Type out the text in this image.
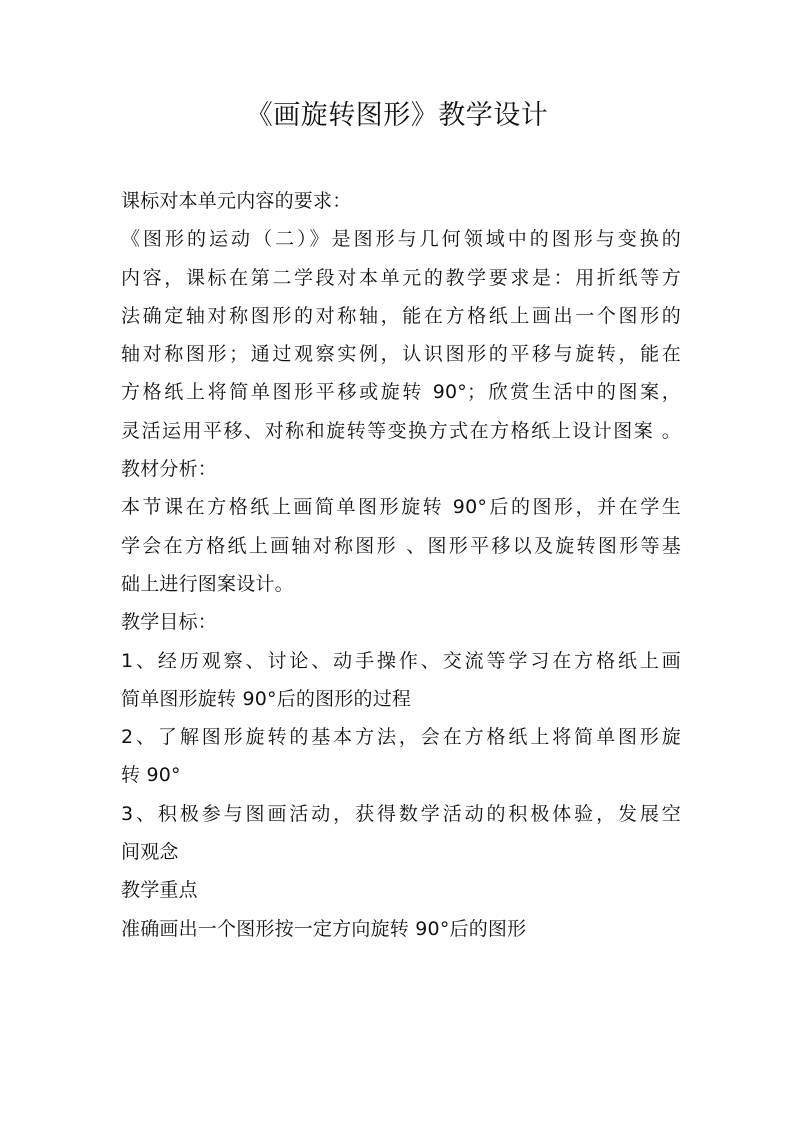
《画旋转图形》教学设计
课标对本单元内容的要求：
《图形的运动（二）》是图形与几何领域中的图形与变换的
内容，课标在第二学段对本单元的教学要求是：用折纸等方
法确定轴对称图形的对称轴，能在方格纸上画出一个图形的
轴对称图形；通过观察实例，认识图形的平移与旋转，能在
方格纸上将简单图形平移或旋转 90°；欣赏生活中的图案，
灵活运用平移、对称和旋转等变换方式在方格纸上设计图案 。
教材分析：
本节课在方格纸上画简单图形旋转 90°后的图形，并在学生
学会在方格纸上画轴对称图形 、图形平移以及旋转图形等基
础上进行图案设计。
教学目标：
1、经历观察、讨论、动手操作、交流等学习在方格纸上画
简单图形旋转 90°后的图形的过程
2、了解图形旋转的基本方法，会在方格纸上将简单图形旋
转 90°
3、积极参与图画活动，获得数学活动的积极体验，发展空
间观念
教学重点
准确画出一个图形按一定方向旋转 90°后的图形
